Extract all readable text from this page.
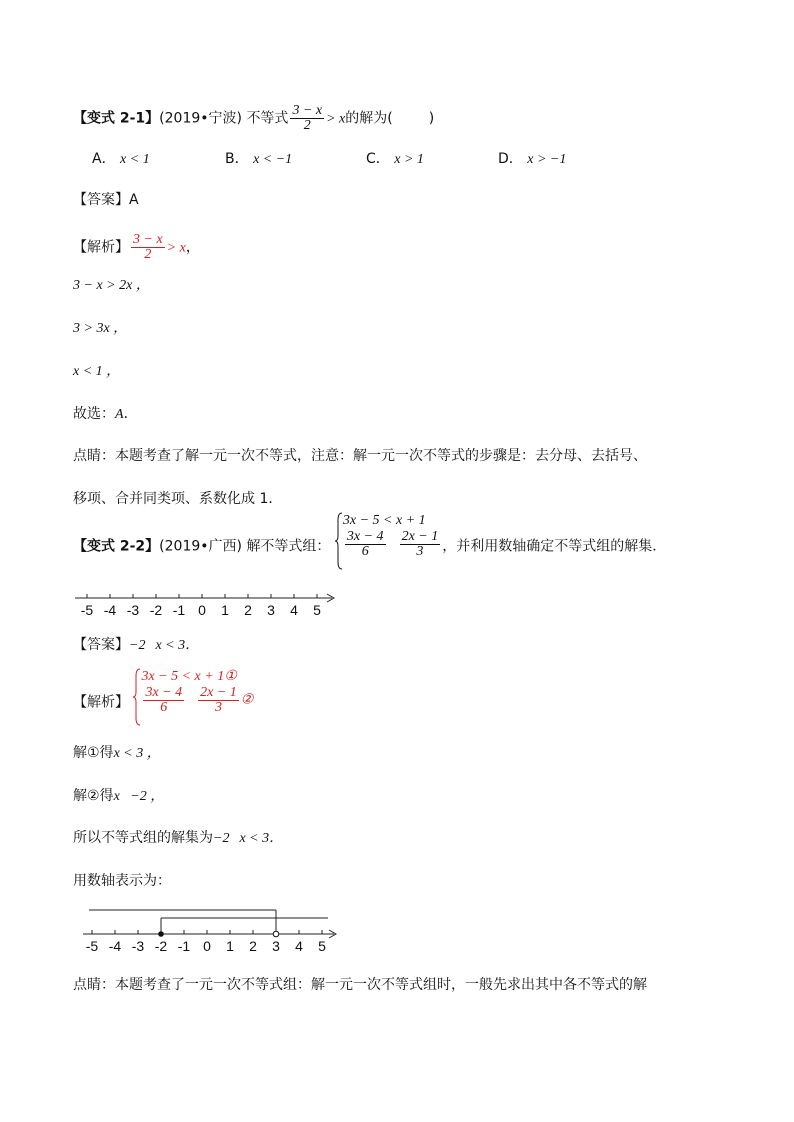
【变式 2-1】(2019•宁波) 不等式 $\frac{3 - x}{2} > x$的解为(	)
A． x < 1	B． x < −1	C． x > 1	D． x > −1
【答案】A
【解析】 $\frac{3 - x}{2} > x$，
3 − x > 2x ，
3 > 3x ，
x < 1 ，
故选：A．
点睛：本题考查了解一元一次不等式，注意：解一元一次不等式的步骤是：去分母、去括号、
移项、合并同类项、系数化成 1．
【变式 2-2】(2019•广西) 解不等式组：
3x − 5 < x + 1
$\frac{3x - 4}{6} \frac{2x - 1}{3}$ ，并利用数轴确定不等式组的解集．
-5 -4 -3 -2 -1 0 1 2 3 4 5
【答案】−2 x < 3．
【解析】
3x − 5 < x + 1①
$\frac{3x - 4}{6} \frac{2x - 1}{3}$ ②
解①得x < 3 ，
解②得x   −2 ，
所以不等式组的解集为−2 x < 3．
用数轴表示为：
-5 -4 -3 -2 -1 0 1 2 3 4 5
点睛：本题考查了一元一次不等式组：解一元一次不等式组时，一般先求出其中各不等式的解
